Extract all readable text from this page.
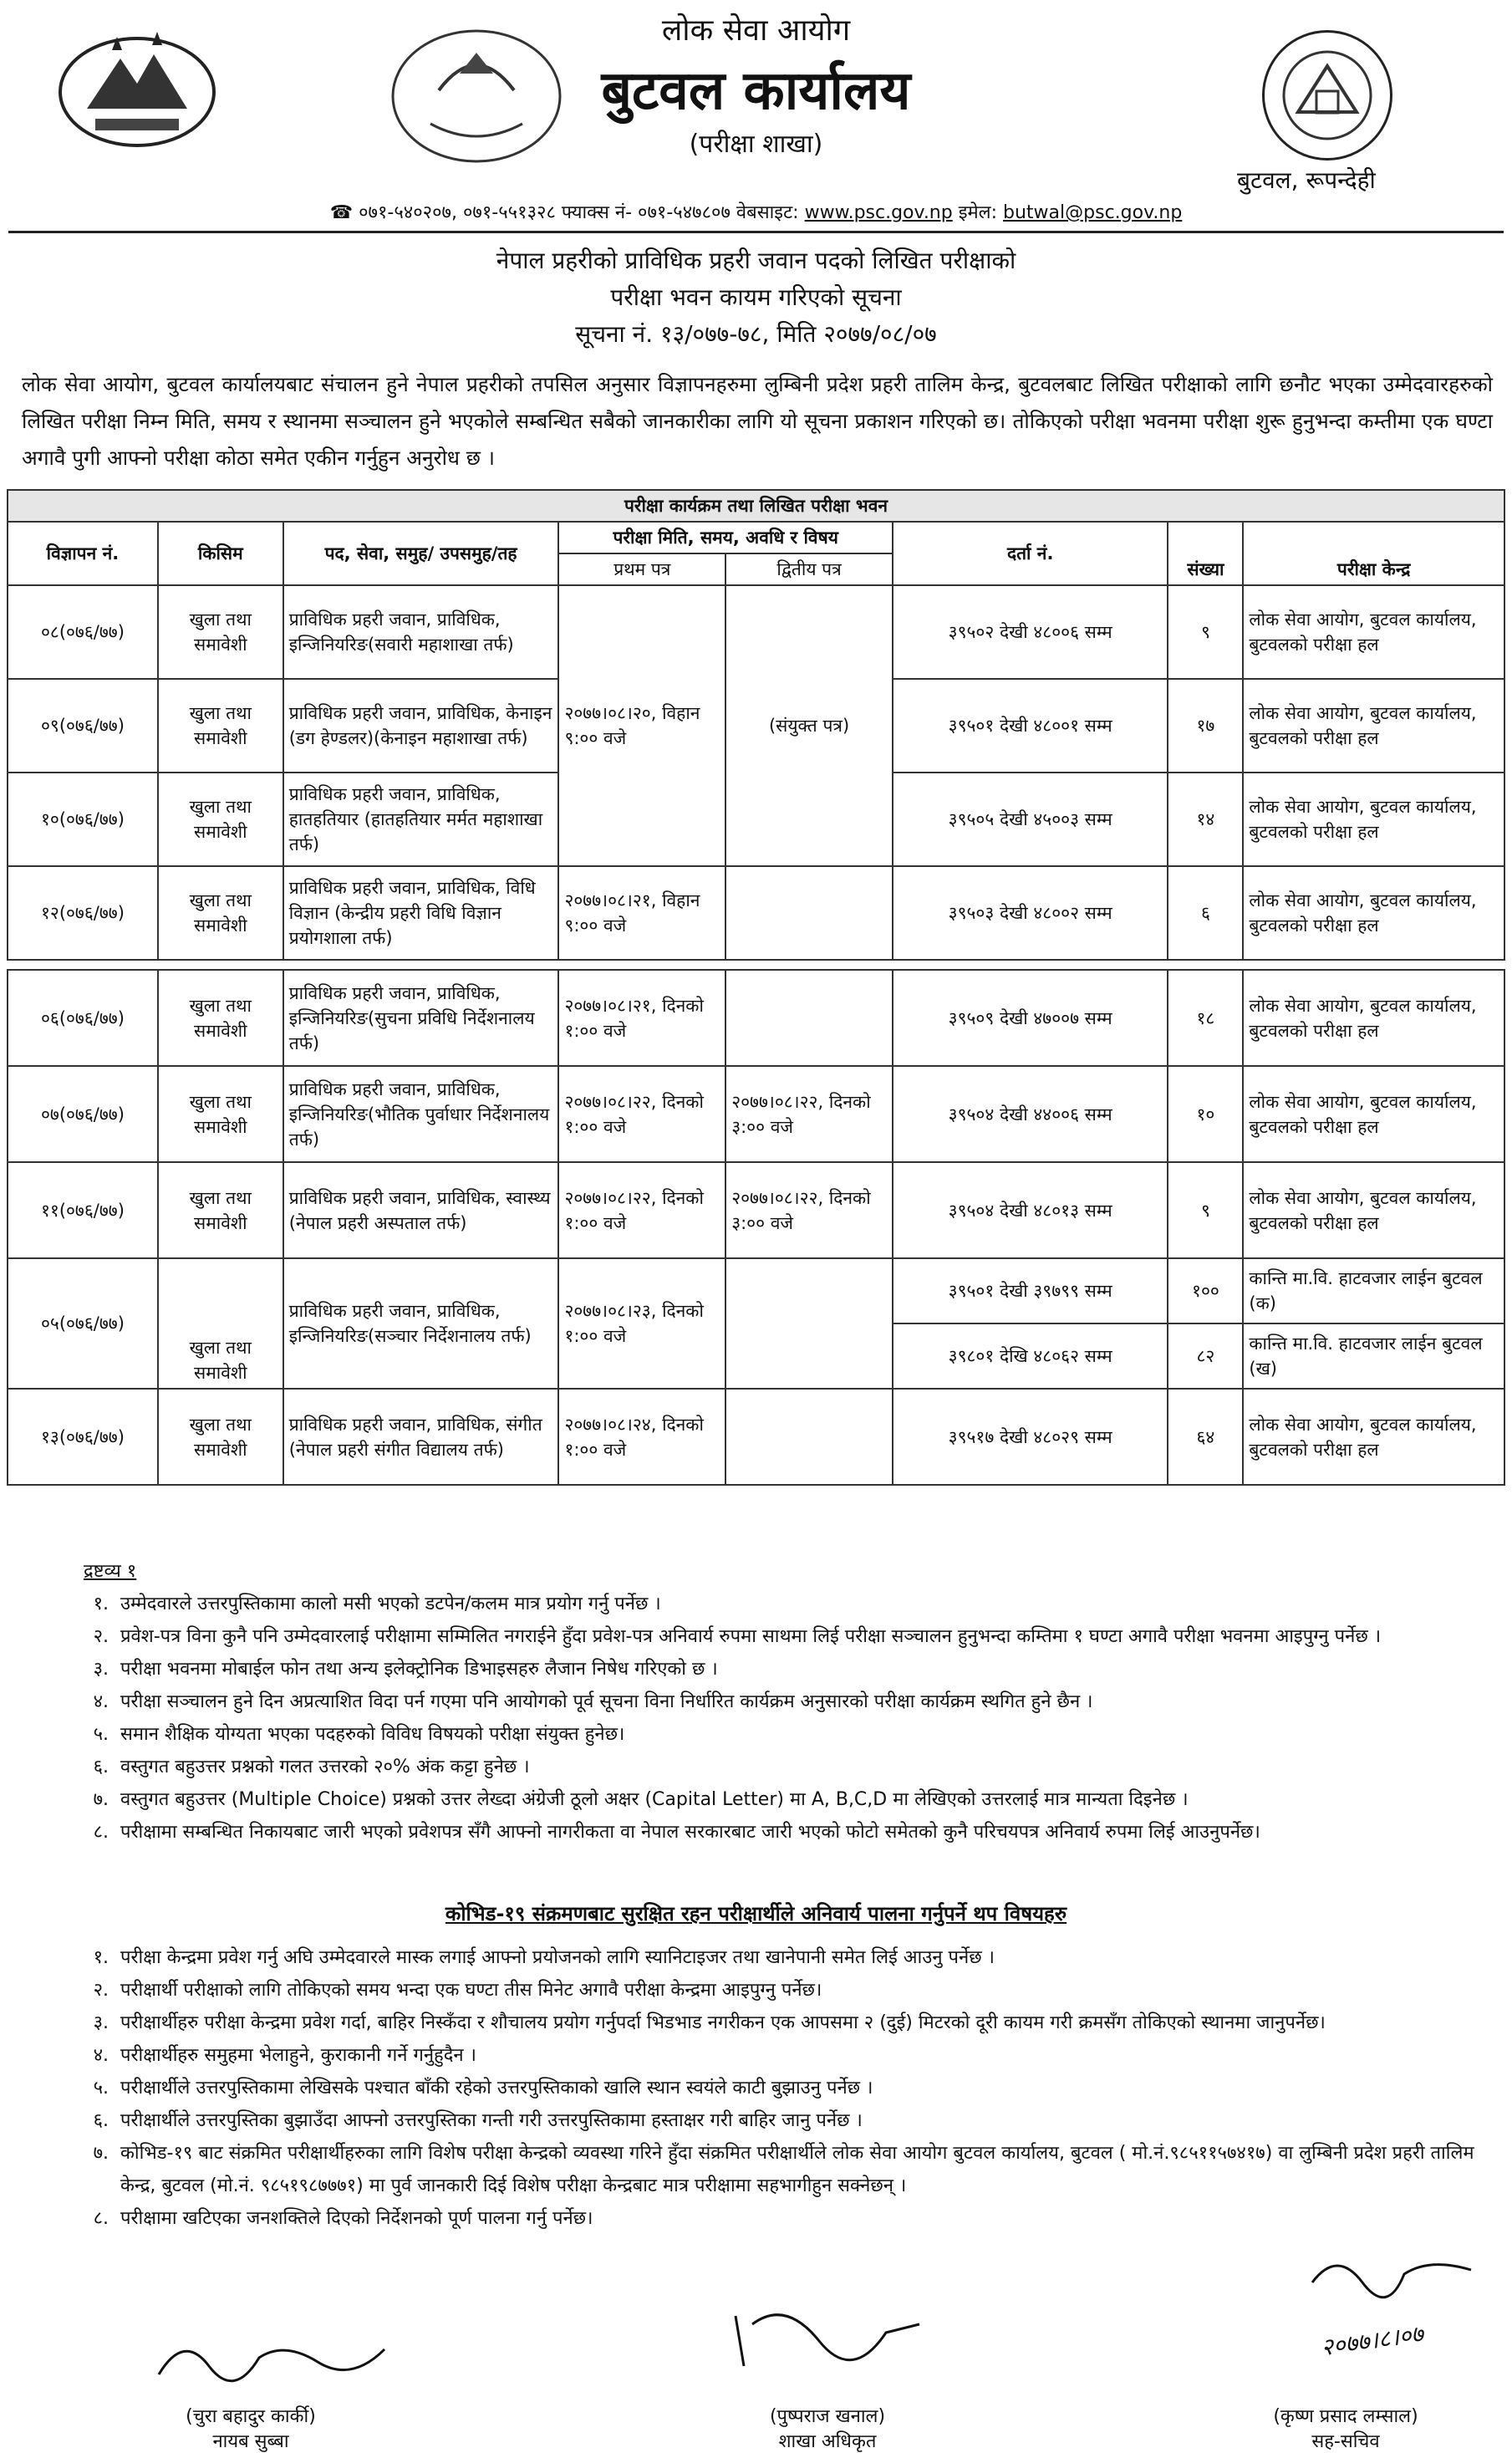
लोक सेवा आयोग
बुटवल कार्यालय
(परीक्षा शाखा)
बुटवल, रूपन्देही
☎ ०७१-५४०२०७, ०७१-५५१३२८ फ्याक्स नं- ०७१-५४७८०७ वेबसाइट: www.psc.gov.np इमेल: butwal@psc.gov.np
नेपाल प्रहरीको प्राविधिक प्रहरी जवान पदको लिखित परीक्षाको
परीक्षा भवन कायम गरिएको सूचना
सूचना नं. १३/०७७-७८, मिति २०७७/०८/०७
लोक सेवा आयोग, बुटवल कार्यालयबाट संचालन हुने नेपाल प्रहरीको तपसिल अनुसार विज्ञापनहरुमा लुम्बिनी प्रदेश प्रहरी तालिम केन्द्र, बुटवलबाट लिखित परीक्षाको लागि छनौट भएका उम्मेदवारहरुको लिखित परीक्षा निम्न मिति, समय र स्थानमा सञ्चालन हुने भएकोले सम्बन्धित सबैको जानकारीका लागि यो सूचना प्रकाशन गरिएको छ। तोकिएको परीक्षा भवनमा परीक्षा शुरू हुनुभन्दा कम्तीमा एक घण्टा अगावै पुगी आफ्नो परीक्षा कोठा समेत एकीन गर्नुहुन अनुरोध छ ।
परीक्षा कार्यक्रम तथा लिखित परीक्षा भवन							
विज्ञापन नं.	किसिम	पद, सेवा, समुह/ उपसमुह/तह	परीक्षा मिति, समय, अवधि र विषय		दर्ता नं.	संख्या	परीक्षा केन्द्र
			प्रथम पत्र	द्वितीय पत्र			
०८(०७६/७७)	खुला तथा समावेशी	प्राविधिक प्रहरी जवान, प्राविधिक, इन्जिनियरिङ(सवारी महाशाखा तर्फ)	२०७७।०८।२०, विहान ९:०० वजे	(संयुक्त पत्र)	३९५०२ देखी ४८००६ सम्म	९	लोक सेवा आयोग, बुटवल कार्यालय, बुटवलको परीक्षा हल
०९(०७६/७७)	खुला तथा समावेशी	प्राविधिक प्रहरी जवान, प्राविधिक, केनाइन (डग हेण्डलर)(केनाइन महाशाखा तर्फ)			३९५०१ देखी ४८००१ सम्म	१७	लोक सेवा आयोग, बुटवल कार्यालय, बुटवलको परीक्षा हल
१०(०७६/७७)	खुला तथा समावेशी	प्राविधिक प्रहरी जवान, प्राविधिक, हातहतियार (हातहतियार मर्मत महाशाखा तर्फ)			३९५०५ देखी ४५००३ सम्म	१४	लोक सेवा आयोग, बुटवल कार्यालय, बुटवलको परीक्षा हल
१२(०७६/७७)	खुला तथा समावेशी	प्राविधिक प्रहरी जवान, प्राविधिक, विधि विज्ञान (केन्द्रीय प्रहरी विधि विज्ञान प्रयोगशाला तर्फ)	२०७७।०८।२१, विहान ९:०० वजे		३९५०३ देखी ४८००२ सम्म	६	लोक सेवा आयोग, बुटवल कार्यालय, बुटवलको परीक्षा हल

०६(०७६/७७)	खुला तथा समावेशी	प्राविधिक प्रहरी जवान, प्राविधिक, इन्जिनियरिङ(सुचना प्रविधि निर्देशनालय तर्फ)	२०७७।०८।२१, दिनको १:०० वजे		३९५०९ देखी ४७००७ सम्म	१८	लोक सेवा आयोग, बुटवल कार्यालय, बुटवलको परीक्षा हल
०७(०७६/७७)	खुला तथा समावेशी	प्राविधिक प्रहरी जवान, प्राविधिक, इन्जिनियरिङ(भौतिक पुर्वाधार निर्देशनालय तर्फ)	२०७७।०८।२२, दिनको १:०० वजे	२०७७।०८।२२, दिनको ३:०० वजे	३९५०४ देखी ४४००६ सम्म	१०	लोक सेवा आयोग, बुटवल कार्यालय, बुटवलको परीक्षा हल
११(०७६/७७)	खुला तथा समावेशी	प्राविधिक प्रहरी जवान, प्राविधिक, स्वास्थ्य (नेपाल प्रहरी अस्पताल तर्फ)	२०७७।०८।२२, दिनको १:०० वजे	२०७७।०८।२२, दिनको ३:०० वजे	३९५०४ देखी ४८०१३ सम्म	९	लोक सेवा आयोग, बुटवल कार्यालय, बुटवलको परीक्षा हल
०५(०७६/७७)	खुला तथा समावेशी	प्राविधिक प्रहरी जवान, प्राविधिक, इन्जिनियरिङ(सञ्चार निर्देशनालय तर्फ)	२०७७।०८।२३, दिनको १:०० वजे		३९५०१ देखी ३९७९९ सम्म	१००	कान्ति मा.वि. हाटवजार लाईन बुटवल (क)
					३९८०१ देखि ४८०६२ सम्म	८२	कान्ति मा.वि. हाटवजार लाईन बुटवल (ख)
१३(०७६/७७)	खुला तथा समावेशी	प्राविधिक प्रहरी जवान, प्राविधिक, संगीत (नेपाल प्रहरी संगीत विद्यालय तर्फ)	२०७७।०८।२४, दिनको १:०० वजे		३९५१७ देखी ४८०२९ सम्म	६४	लोक सेवा आयोग, बुटवल कार्यालय, बुटवलको परीक्षा हल
द्रष्टव्य १
१. उम्मेदवारले उत्तरपुस्तिकामा कालो मसी भएको डटपेन/कलम मात्र प्रयोग गर्नु पर्नेछ ।
२. प्रवेश-पत्र विना कुनै पनि उम्मेदवारलाई परीक्षामा सम्मिलित नगराईने हुँदा प्रवेश-पत्र अनिवार्य रुपमा साथमा लिई परीक्षा सञ्चालन हुनुभन्दा कम्तिमा १ घण्टा अगावै परीक्षा भवनमा आइपुग्नु पर्नेछ ।
३. परीक्षा भवनमा मोबाईल फोन तथा अन्य इलेक्ट्रोनिक डिभाइसहरु लैजान निषेध गरिएको छ ।
४. परीक्षा सञ्चालन हुने दिन अप्रत्याशित विदा पर्न गएमा पनि आयोगको पूर्व सूचना विना निर्धारित कार्यक्रम अनुसारको परीक्षा कार्यक्रम स्थगित हुने छैन ।
५. समान शैक्षिक योग्यता भएका पदहरुको विविध विषयको परीक्षा संयुक्त हुनेछ।
६. वस्तुगत बहुउत्तर प्रश्नको गलत उत्तरको २०% अंक कट्टा हुनेछ ।
७. वस्तुगत बहुउत्तर (Multiple Choice) प्रश्नको उत्तर लेख्दा अंग्रेजी ठूलो अक्षर (Capital Letter) मा A, B,C,D मा लेखिएको उत्तरलाई मात्र मान्यता दिइनेछ ।
८. परीक्षामा सम्बन्धित निकायबाट जारी भएको प्रवेशपत्र सँगै आफ्नो नागरीकता वा नेपाल सरकारबाट जारी भएको फोटो समेतको कुनै परिचयपत्र अनिवार्य रुपमा लिई आउनुपर्नेछ।
कोभिड-१९ संक्रमणबाट सुरक्षित रहन परीक्षार्थीले अनिवार्य पालना गर्नुपर्ने थप विषयहरु
१. परीक्षा केन्द्रमा प्रवेश गर्नु अघि उम्मेदवारले मास्क लगाई आफ्नो प्रयोजनको लागि स्यानिटाइजर तथा खानेपानी समेत लिई आउनु पर्नेछ ।
२. परीक्षार्थी परीक्षाको लागि तोकिएको समय भन्दा एक घण्टा तीस मिनेट अगावै परीक्षा केन्द्रमा आइपुग्नु पर्नेछ।
३. परीक्षार्थीहरु परीक्षा केन्द्रमा प्रवेश गर्दा, बाहिर निस्कँदा र शौचालय प्रयोग गर्नुपर्दा भिडभाड नगरीकन एक आपसमा २ (दुई) मिटरको दूरी कायम गरी क्रमसँग तोकिएको स्थानमा जानुपर्नेछ।
४. परीक्षार्थीहरु समुहमा भेलाहुने, कुराकानी गर्ने गर्नुहुदैन ।
५. परीक्षार्थीले उत्तरपुस्तिकामा लेखिसके पश्चात बाँकी रहेको उत्तरपुस्तिकाको खालि स्थान स्वयंले काटी बुझाउनु पर्नेछ ।
६. परीक्षार्थीले उत्तरपुस्तिका बुझाउँदा आफ्नो उत्तरपुस्तिका गन्ती गरी उत्तरपुस्तिकामा हस्ताक्षर गरी बाहिर जानु पर्नेछ ।
७. कोभिड-१९ बाट संक्रमित परीक्षार्थीहरुका लागि विशेष परीक्षा केन्द्रको व्यवस्था गरिने हुँदा संक्रमित परीक्षार्थीले लोक सेवा आयोग बुटवल कार्यालय, बुटवल ( मो.नं.९८५११५७४१७) वा लुम्बिनी प्रदेश प्रहरी तालिम केन्द्र, बुटवल (मो.नं. ९८५१९८७७७१) मा पुर्व जानकारी दिई विशेष परीक्षा केन्द्रबाट मात्र परीक्षामा सहभागीहुन सक्नेछन् ।
८. परीक्षामा खटिएका जनशक्तिले दिएको निर्देशनको पूर्ण पालना गर्नु पर्नेछ।
२०७७।८।०७
(चुरा बहादुर कार्की)
नायब सुब्बा
(पुष्पराज खनाल)
शाखा अधिकृत
(कृष्ण प्रसाद लम्साल)
सह-सचिव
